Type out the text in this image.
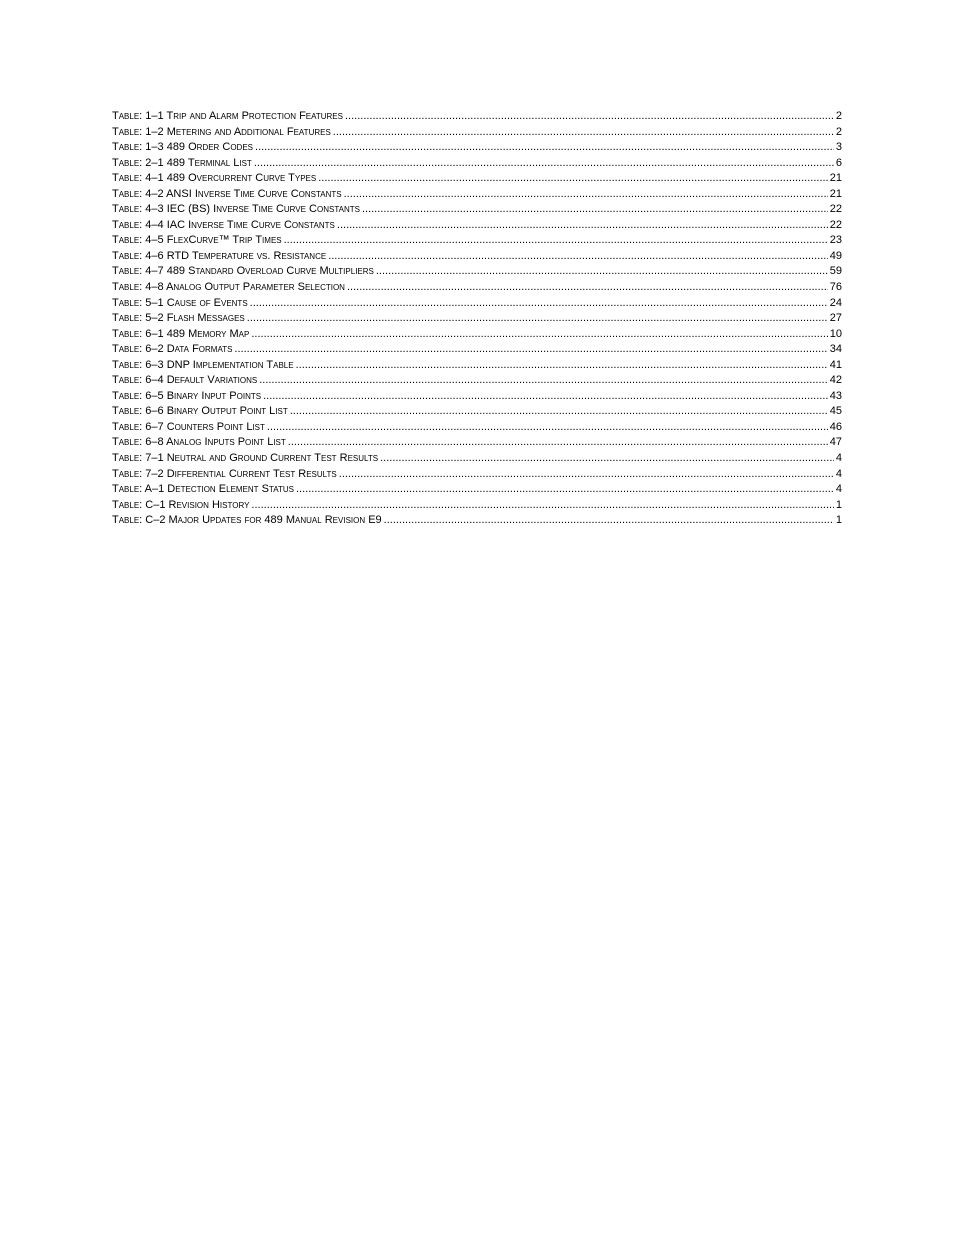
Table: 1–1 Trip and Alarm Protection Features .....	2
Table: 1–2 Metering and Additional Features .....	2
Table: 1–3 489 Order Codes .....	3
Table: 2–1 489 Terminal List .....	6
Table: 4–1 489 Overcurrent Curve Types .....	21
Table: 4–2 ANSI Inverse Time Curve Constants .....	21
Table: 4–3 IEC (BS) Inverse Time Curve Constants .....	22
Table: 4–4 IAC Inverse Time Curve Constants .....	22
Table: 4–5 FlexCurve™ Trip Times .....	23
Table: 4–6 RTD Temperature vs. Resistance .....	49
Table: 4–7 489 Standard Overload Curve Multipliers .....	59
Table: 4–8 Analog Output Parameter Selection .....	76
Table: 5–1 Cause of Events .....	24
Table: 5–2 Flash Messages .....	27
Table: 6–1 489 Memory Map .....	10
Table: 6–2 Data Formats .....	34
Table: 6–3 DNP Implementation Table .....	41
Table: 6–4 Default Variations .....	42
Table: 6–5 Binary Input Points .....	43
Table: 6–6 Binary Output Point List .....	45
Table: 6–7 Counters Point List .....	46
Table: 6–8 Analog Inputs Point List .....	47
Table: 7–1 Neutral and Ground Current Test Results .....	4
Table: 7–2 Differential Current Test Results .....	4
Table: A–1 Detection Element Status .....	4
Table: C–1 Revision History .....	1
Table: C–2 Major Updates for 489 Manual Revision E9 .....	1
